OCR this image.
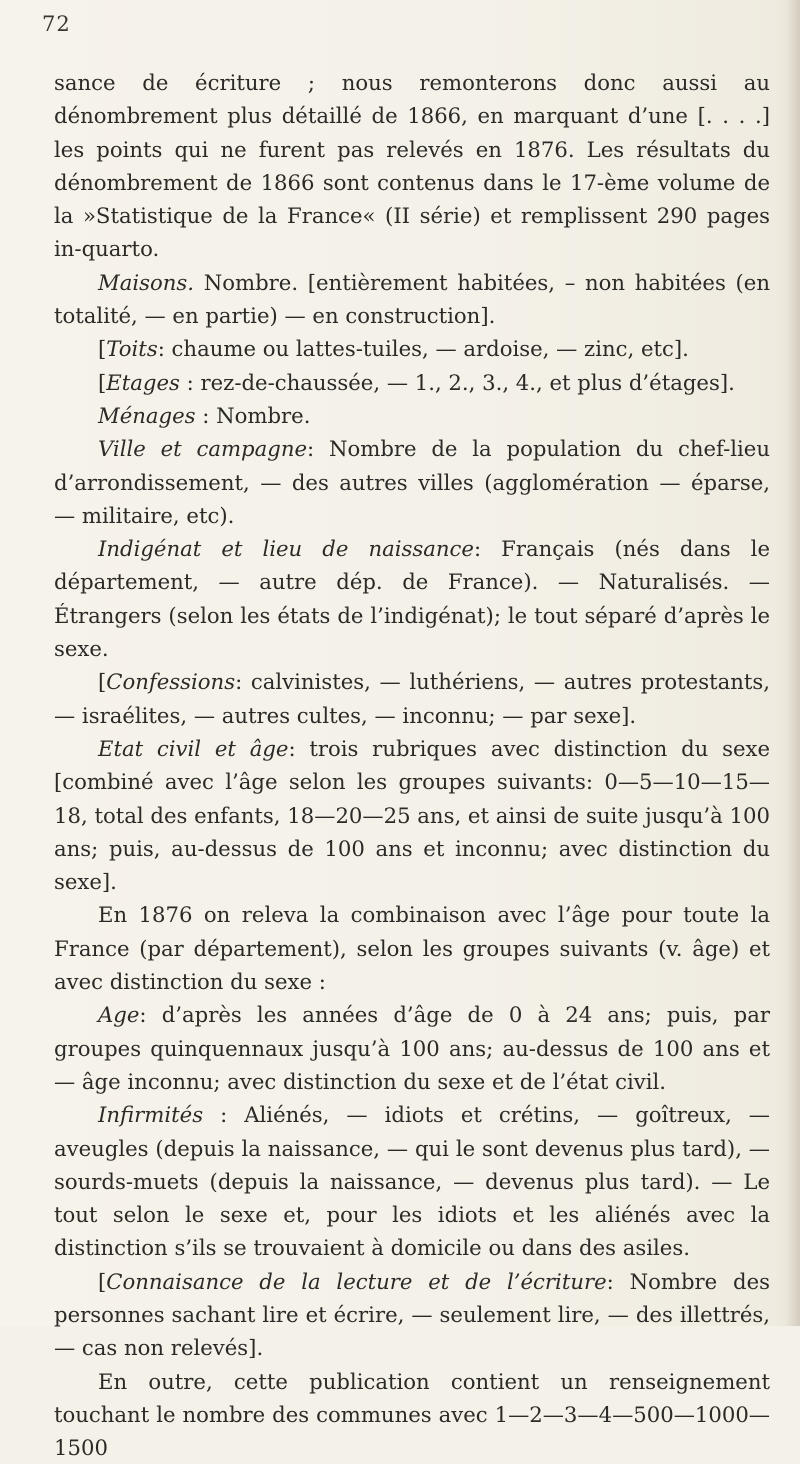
72

sance de écriture ; nous remonterons donc aussi au dénombrement plus détaillé de 1866, en marquant d’une [. . . .] les points qui ne furent pas relevés en 1876. Les résultats du dénombrement de 1866 sont contenus dans le 17-ème volume de la »Statistique de la France« (II série) et remplissent 290 pages in-quarto.

Maisons. Nombre. [entièrement habitées, – non habitées (en totalité, — en partie) — en construction].

[Toits: chaume ou lattes-tuiles, — ardoise, — zinc, etc].

[Etages : rez-de-chaussée, — 1., 2., 3., 4., et plus d’étages].

Ménages : Nombre.

Ville et campagne: Nombre de la population du chef-lieu d’arrondissement, — des autres villes (agglomération — éparse, — militaire, etc).

Indigénat et lieu de naissance: Français (nés dans le département, — autre dép. de France). — Naturalisés. — Étrangers (selon les états de l’indigénat); le tout séparé d’après le sexe.

[Confessions: calvinistes, — luthériens, — autres protestants, — israélites, — autres cultes, — inconnu; — par sexe].

Etat civil et âge: trois rubriques avec distinction du sexe [combiné avec l’âge selon les groupes suivants: 0—5—10—15—18, total des enfants, 18—20—25 ans, et ainsi de suite jusqu’à 100 ans; puis, au-dessus de 100 ans et inconnu; avec distinction du sexe].

En 1876 on releva la combinaison avec l’âge pour toute la France (par département), selon les groupes suivants (v. âge) et avec distinction du sexe :

Age: d’après les années d’âge de 0 à 24 ans; puis, par groupes quinquennaux jusqu’à 100 ans; au-dessus de 100 ans et — âge inconnu; avec distinction du sexe et de l’état civil.

Infirmités : Aliénés, — idiots et crétins, — goîtreux, — aveugles (depuis la naissance, — qui le sont devenus plus tard), — sourds-muets (depuis la naissance, — devenus plus tard). — Le tout selon le sexe et, pour les idiots et les aliénés avec la distinction s’ils se trouvaient à domicile ou dans des asiles.

[Connaisance de la lecture et de l’écriture: Nombre des personnes sachant lire et écrire, — seulement lire, — des illettrés, — cas non relevés].

En outre, cette publication contient un renseignement touchant le nombre des communes avec 1—2—3—4—500—1000—1500
